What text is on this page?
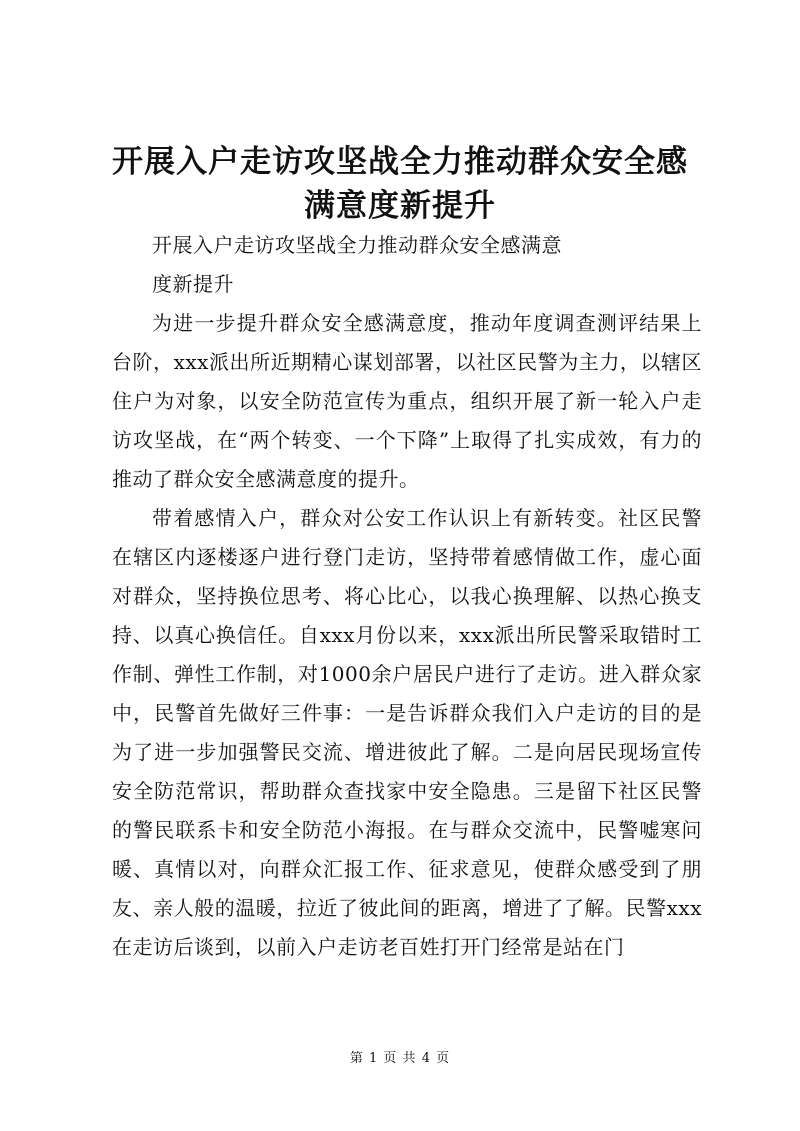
开展入户走访攻坚战全力推动群众安全感满意度新提升
开展入户走访攻坚战全力推动群众安全感满意
度新提升

为进一步提升群众安全感满意度，推动年度调查测评结果上台阶，xxx派出所近期精心谋划部署，以社区民警为主力，以辖区住户为对象，以安全防范宣传为重点，组织开展了新一轮入户走访攻坚战，在“两个转变、一个下降”上取得了扎实成效，有力的推动了群众安全感满意度的提升。

带着感情入户，群众对公安工作认识上有新转变。社区民警在辖区内逐楼逐户进行登门走访，坚持带着感情做工作，虚心面对群众，坚持换位思考、将心比心，以我心换理解、以热心换支持、以真心换信任。自xxx月份以来，xxx派出所民警采取错时工作制、弹性工作制，对1000余户居民户进行了走访。进入群众家中，民警首先做好三件事：一是告诉群众我们入户走访的目的是为了进一步加强警民交流、增进彼此了解。二是向居民现场宣传安全防范常识，帮助群众查找家中安全隐患。三是留下社区民警的警民联系卡和安全防范小海报。在与群众交流中，民警嘘寒问暖、真情以对，向群众汇报工作、征求意见，使群众感受到了朋友、亲人般的温暖，拉近了彼此间的距离，增进了了解。民警xxx在走访后谈到，以前入户走访老百姓打开门经常是站在门

第 1 页 共 4 页
